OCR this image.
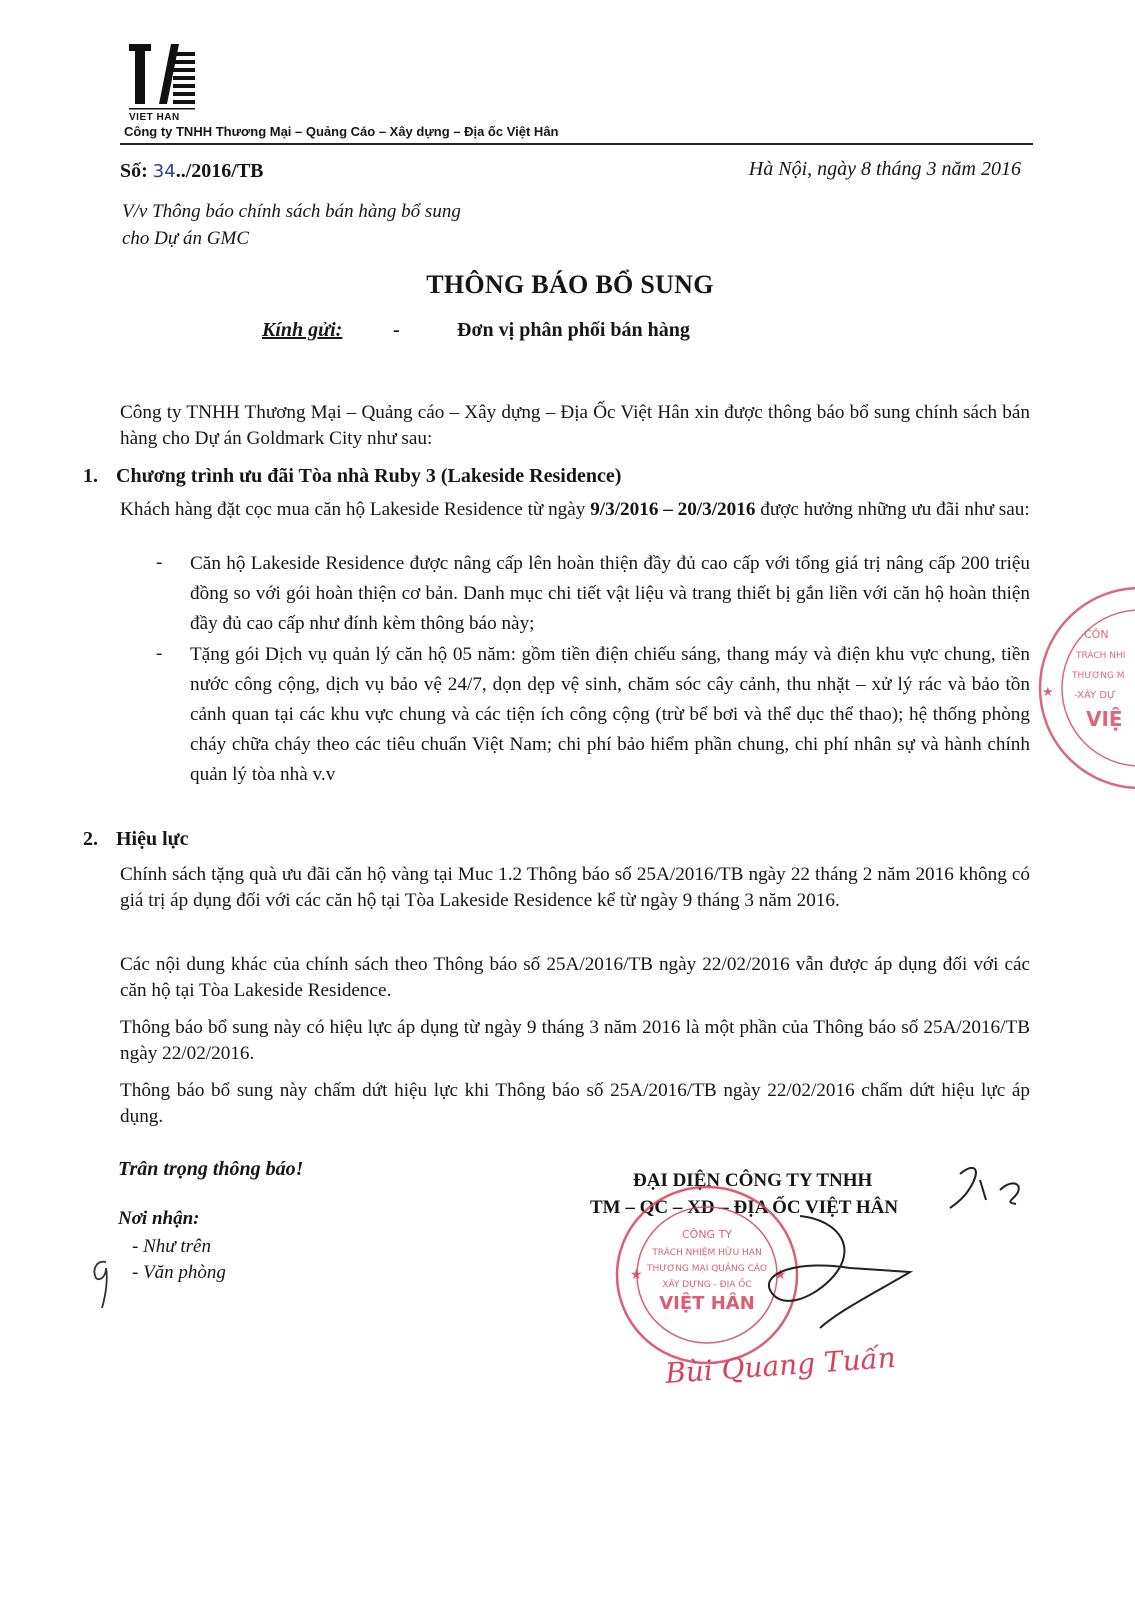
VIET HAN
Công ty TNHH Thương Mại – Quảng Cáo – Xây dựng – Địa ốc Việt Hân
Số: 34../2016/TB	Hà Nội, ngày 8 tháng 3 năm 2016
V/v Thông báo chính sách bán hàng bổ sung
cho Dự án GMC
THÔNG BÁO BỔ SUNG
Kính gửi:	-	Đơn vị phân phối bán hàng
Công ty TNHH Thương Mại – Quảng cáo – Xây dựng – Địa Ốc Việt Hân xin được thông báo bổ sung chính sách bán hàng cho Dự án Goldmark City như sau:
1. Chương trình ưu đãi Tòa nhà Ruby 3 (Lakeside Residence)
Khách hàng đặt cọc mua căn hộ Lakeside Residence từ ngày 9/3/2016 – 20/3/2016 được hưởng những ưu đãi như sau:
- Căn hộ Lakeside Residence được nâng cấp lên hoàn thiện đầy đủ cao cấp với tổng giá trị nâng cấp 200 triệu đồng so với gói hoàn thiện cơ bản. Danh mục chi tiết vật liệu và trang thiết bị gắn liền với căn hộ hoàn thiện đầy đủ cao cấp như đính kèm thông báo này;
- Tặng gói Dịch vụ quản lý căn hộ 05 năm: gồm tiền điện chiếu sáng, thang máy và điện khu vực chung, tiền nước công cộng, dịch vụ bảo vệ 24/7, dọn dẹp vệ sinh, chăm sóc cây cảnh, thu nhặt – xử lý rác và bảo tồn cảnh quan tại các khu vực chung và các tiện ích công cộng (trừ bể bơi và thể dục thể thao); hệ thống phòng cháy chữa cháy theo các tiêu chuẩn Việt Nam; chi phí bảo hiểm phần chung, chi phí nhân sự và hành chính quản lý tòa nhà v.v
2. Hiệu lực
Chính sách tặng quà ưu đãi căn hộ vàng tại Muc 1.2 Thông báo số 25A/2016/TB ngày 22 tháng 2 năm 2016 không có giá trị áp dụng đối với các căn hộ tại Tòa Lakeside Residence kể từ ngày 9 tháng 3 năm 2016.
Các nội dung khác của chính sách theo Thông báo số 25A/2016/TB ngày 22/02/2016 vẫn được áp dụng đối với các căn hộ tại Tòa Lakeside Residence.
Thông báo bổ sung này có hiệu lực áp dụng từ ngày 9 tháng 3 năm 2016 là một phần của Thông báo số 25A/2016/TB ngày 22/02/2016.
Thông báo bổ sung này chấm dứt hiệu lực khi Thông báo số 25A/2016/TB ngày 22/02/2016 chấm dứt hiệu lực áp dụng.
Trân trọng thông báo!
Nơi nhận:
- Như trên
- Văn phòng
ĐẠI DIỆN CÔNG TY TNHH
TM – QC – XD – ĐỊA ỐC VIỆT HÂN
CÔNG TY
TRÁCH NHIỆM HỮU HẠN
THƯƠNG MẠI QUẢNG CÁO
XÂY DỰNG - ĐỊA ỐC
VIỆT HÂN
★	★
Bùi Quang Tuấn
CÔN
TRÁCH NHI
THƯƠNG M
-XÂY DỰ
VIỆ
★
